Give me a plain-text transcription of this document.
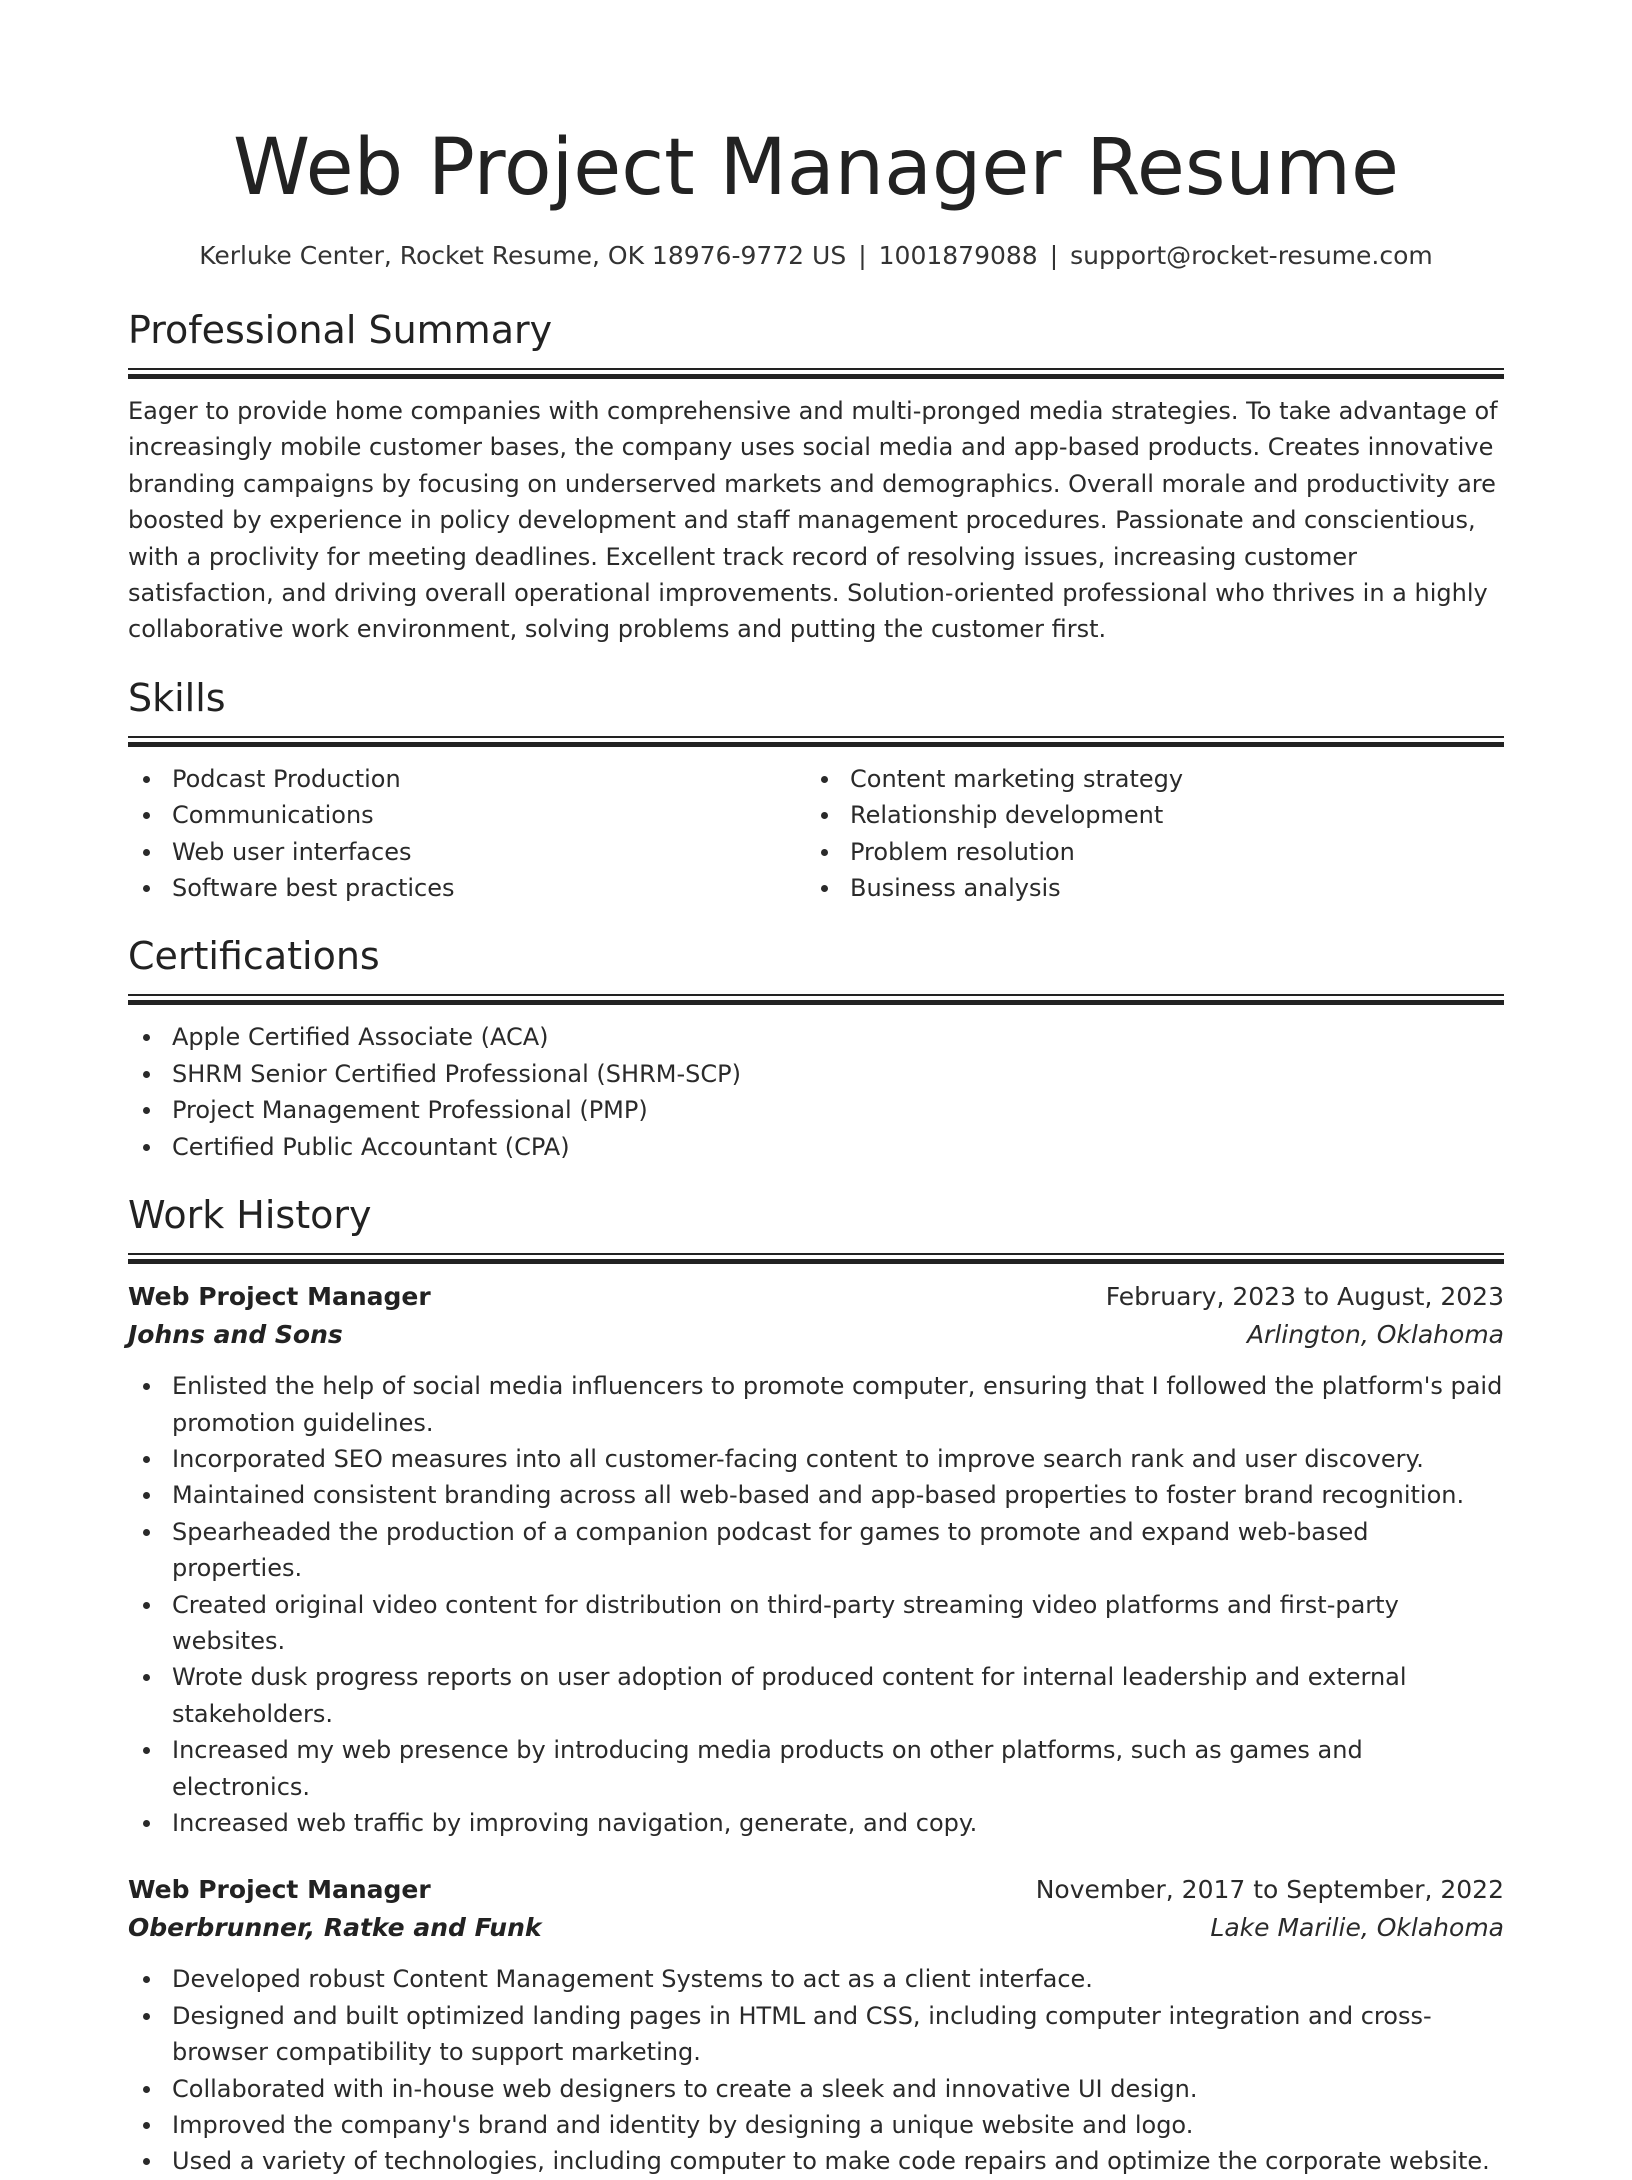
Web Project Manager Resume
Kerluke Center, Rocket Resume, OK 18976-9772 US | 1001879088 | support@rocket-resume.com
Professional Summary

Eager to provide home companies with comprehensive and multi-pronged media strategies. To take advantage of increasingly mobile customer bases, the company uses social media and app-based products. Creates innovative branding campaigns by focusing on underserved markets and demographics. Overall morale and productivity are boosted by experience in policy development and staff management procedures. Passionate and conscientious, with a proclivity for meeting deadlines. Excellent track record of resolving issues, increasing customer satisfaction, and driving overall operational improvements. Solution-oriented professional who thrives in a highly collaborative work environment, solving problems and putting the customer first.

Skills
Podcast Production
Communications
Web user interfaces
Software best practices
Content marketing strategy
Relationship development
Problem resolution
Business analysis
Certifications
Apple Certified Associate (ACA)
SHRM Senior Certified Professional (SHRM-SCP)
Project Management Professional (PMP)
Certified Public Accountant (CPA)
Work History
Web Project Manager	February, 2023 to August, 2023
Johns and Sons	Arlington, Oklahoma
Enlisted the help of social media influencers to promote computer, ensuring that I followed the platform's paid promotion guidelines.
Incorporated SEO measures into all customer-facing content to improve search rank and user discovery.
Maintained consistent branding across all web-based and app-based properties to foster brand recognition.
Spearheaded the production of a companion podcast for games to promote and expand web-based properties.
Created original video content for distribution on third-party streaming video platforms and first-party websites.
Wrote dusk progress reports on user adoption of produced content for internal leadership and external stakeholders.
Increased my web presence by introducing media products on other platforms, such as games and electronics.
Increased web traffic by improving navigation, generate, and copy.
Web Project Manager	November, 2017 to September, 2022
Oberbrunner, Ratke and Funk	Lake Marilie, Oklahoma
Developed robust Content Management Systems to act as a client interface.
Designed and built optimized landing pages in HTML and CSS, including computer integration and cross-browser compatibility to support marketing.
Collaborated with in-house web designers to create a sleek and innovative UI design.
Improved the company's brand and identity by designing a unique website and logo.
Used a variety of technologies, including computer to make code repairs and optimize the corporate website.
